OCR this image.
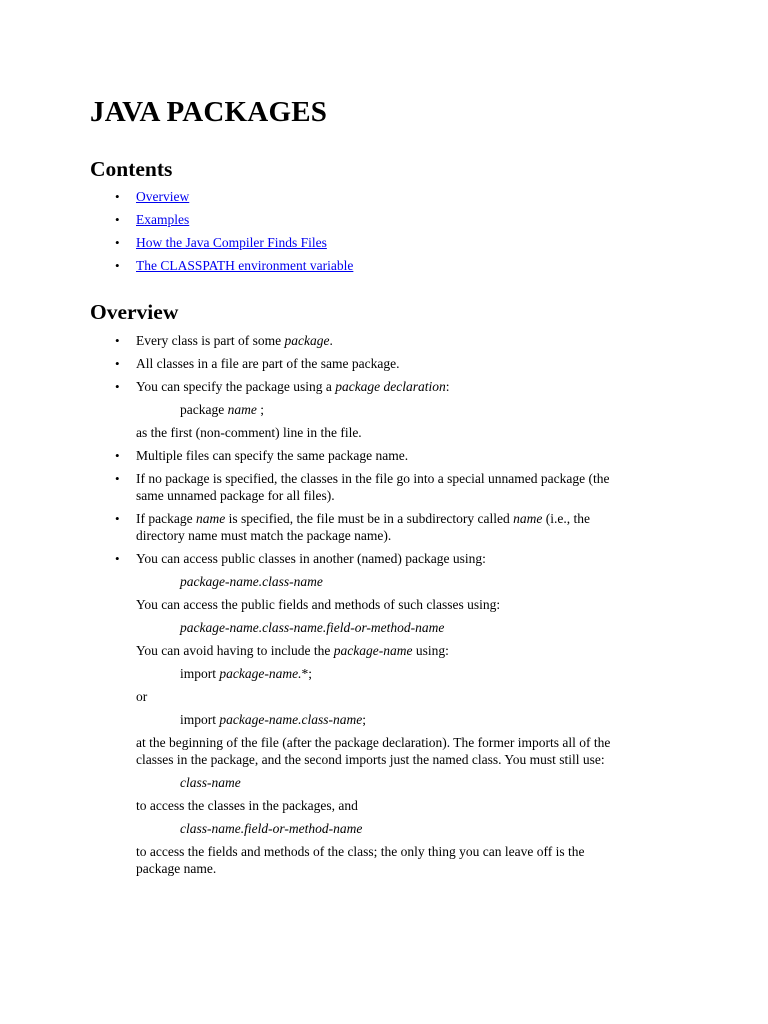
JAVA PACKAGES
Contents
• Overview
• Examples
• How the Java Compiler Finds Files
• The CLASSPATH environment variable
Overview
• Every class is part of some package.
• All classes in a file are part of the same package.
• You can specify the package using a package declaration:
package name ;
as the first (non-comment) line in the file.
• Multiple files can specify the same package name.
• If no package is specified, the classes in the file go into a special unnamed package (the
same unnamed package for all files).
• If package name is specified, the file must be in a subdirectory called name (i.e., the
directory name must match the package name).
• You can access public classes in another (named) package using:
package-name.class-name
You can access the public fields and methods of such classes using:
package-name.class-name.field-or-method-name
You can avoid having to include the package-name using:
import package-name.*;
or
import package-name.class-name;
at the beginning of the file (after the package declaration). The former imports all of the
classes in the package, and the second imports just the named class. You must still use:
class-name
to access the classes in the packages, and
class-name.field-or-method-name
to access the fields and methods of the class; the only thing you can leave off is the
package name.
